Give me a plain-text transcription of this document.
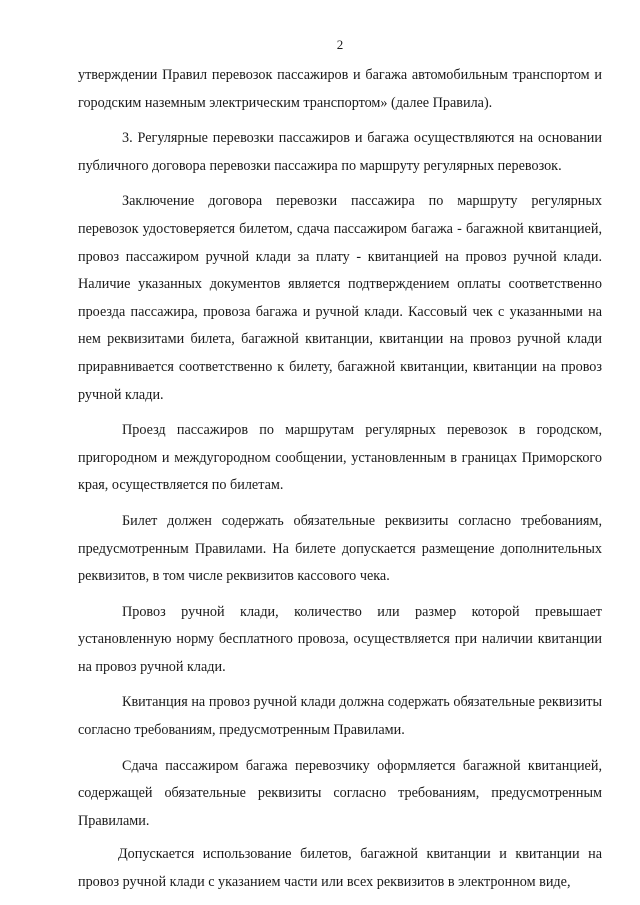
2

утверждении Правил перевозок пассажиров и багажа автомобильным транспортом и городским наземным электрическим транспортом» (далее Правила).

3. Регулярные перевозки пассажиров и багажа осуществляются на основании публичного договора перевозки пассажира по маршруту регулярных перевозок.

Заключение договора перевозки пассажира по маршруту регулярных перевозок удостоверяется билетом, сдача пассажиром багажа - багажной квитанцией, провоз пассажиром ручной клади за плату - квитанцией на провоз ручной клади. Наличие указанных документов является подтверждением оплаты соответственно проезда пассажира, провоза багажа и ручной клади. Кассовый чек с указанными на нем реквизитами билета, багажной квитанции, квитанции на провоз ручной клади приравнивается соответственно к билету, багажной квитанции, квитанции на провоз ручной клади.

Проезд пассажиров по маршрутам регулярных перевозок в городском, пригородном и междугородном сообщении, установленным в границах Приморского края, осуществляется по билетам.

Билет должен содержать обязательные реквизиты согласно требованиям, предусмотренным Правилами. На билете допускается размещение дополнительных реквизитов, в том числе реквизитов кассового чека.

Провоз ручной клади, количество или размер которой превышает установленную норму бесплатного провоза, осуществляется при наличии квитанции на провоз ручной клади.

Квитанция на провоз ручной клади должна содержать обязательные реквизиты согласно требованиям, предусмотренным Правилами.

Сдача пассажиром багажа перевозчику оформляется багажной квитанцией, содержащей обязательные реквизиты согласно требованиям, предусмотренным Правилами.

Допускается использование билетов, багажной квитанции и квитанции на провоз ручной клади с указанием части или всех реквизитов в электронном виде,
